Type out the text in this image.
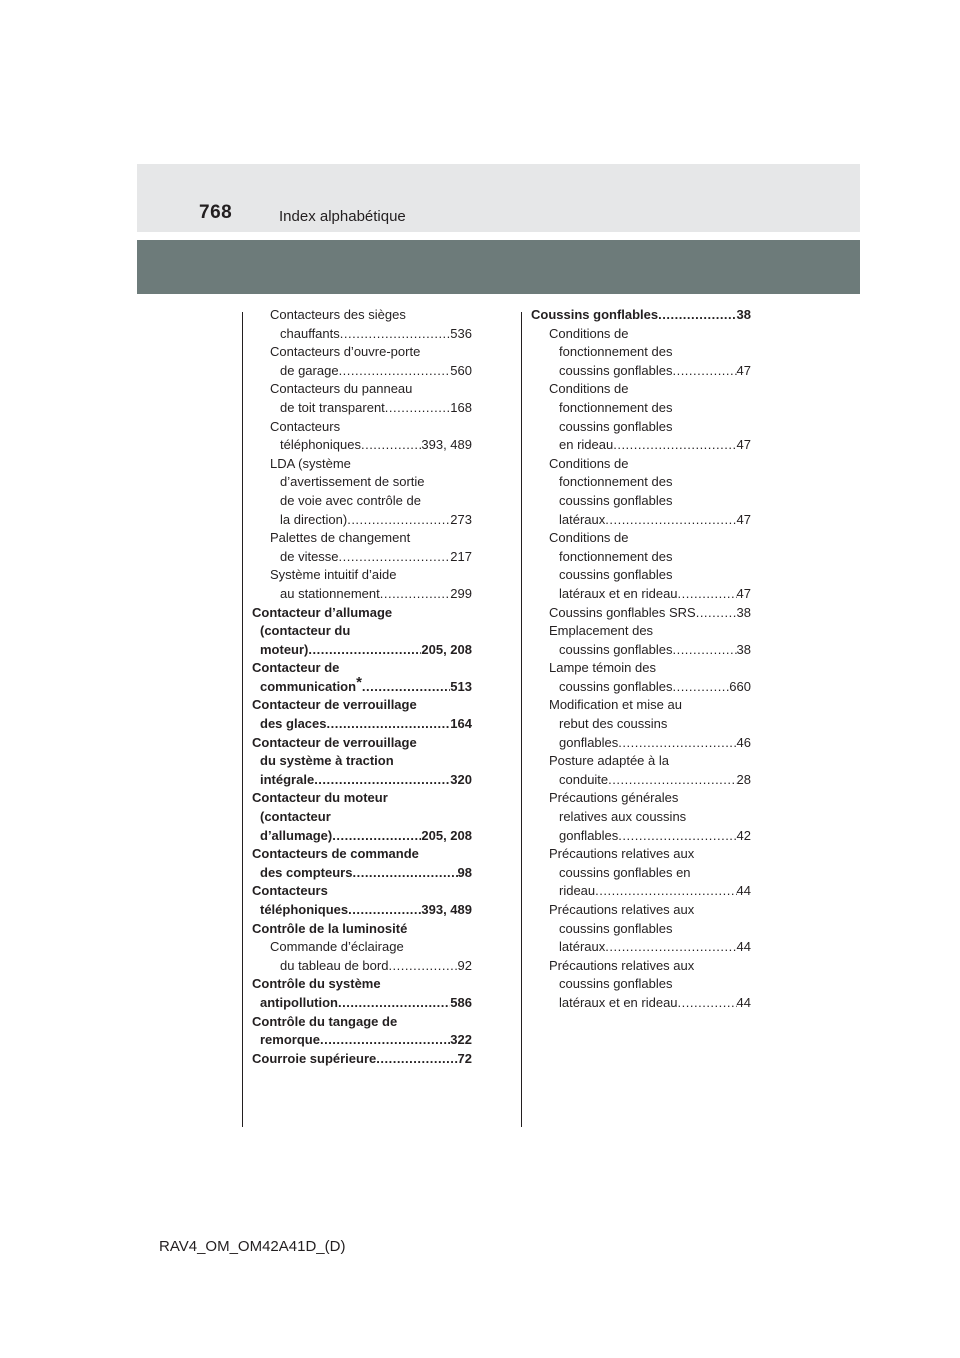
768	Index alphabétique
Contacteurs des sièges
chauffants .....	536
Contacteurs d’ouvre-porte
de garage .....	560
Contacteurs du panneau
de toit transparent .....	168
Contacteurs
téléphoniques .....	393, 489
LDA (système
d’avertissement de sortie
de voie avec contrôle de
la direction) .....	273
Palettes de changement
de vitesse .....	217
Système intuitif d’aide
au stationnement .....	299
Contacteur d’allumage
(contacteur du
moteur) .....	205, 208
Contacteur de
communication * .....	513
Contacteur de verrouillage
des glaces .....	164
Contacteur de verrouillage
du système à traction
intégrale .....	320
Contacteur du moteur
(contacteur
d’allumage) .....	205, 208
Contacteurs de commande
des compteurs .....	98
Contacteurs
téléphoniques .....	393, 489
Contrôle de la luminosité
Commande d’éclairage
du tableau de bord .....	92
Contrôle du système
antipollution .....	586
Contrôle du tangage de
remorque .....	322
Courroie supérieure .....	72
Coussins gonflables .....	38
Conditions de
fonctionnement des
coussins gonflables .....	47
Conditions de
fonctionnement des
coussins gonflables
en rideau .....	47
Conditions de
fonctionnement des
coussins gonflables
latéraux .....	47
Conditions de
fonctionnement des
coussins gonflables
latéraux et en rideau .....	47
Coussins gonflables SRS .....	38
Emplacement des
coussins gonflables .....	38
Lampe témoin des
coussins gonflables .....	660
Modification et mise au
rebut des coussins
gonflables .....	46
Posture adaptée à la
conduite .....	28
Précautions générales
relatives aux coussins
gonflables .....	42
Précautions relatives aux
coussins gonflables en
rideau .....	44
Précautions relatives aux
coussins gonflables
latéraux .....	44
Précautions relatives aux
coussins gonflables
latéraux et en rideau .....	44
RAV4_OM_OM42A41D_(D)
